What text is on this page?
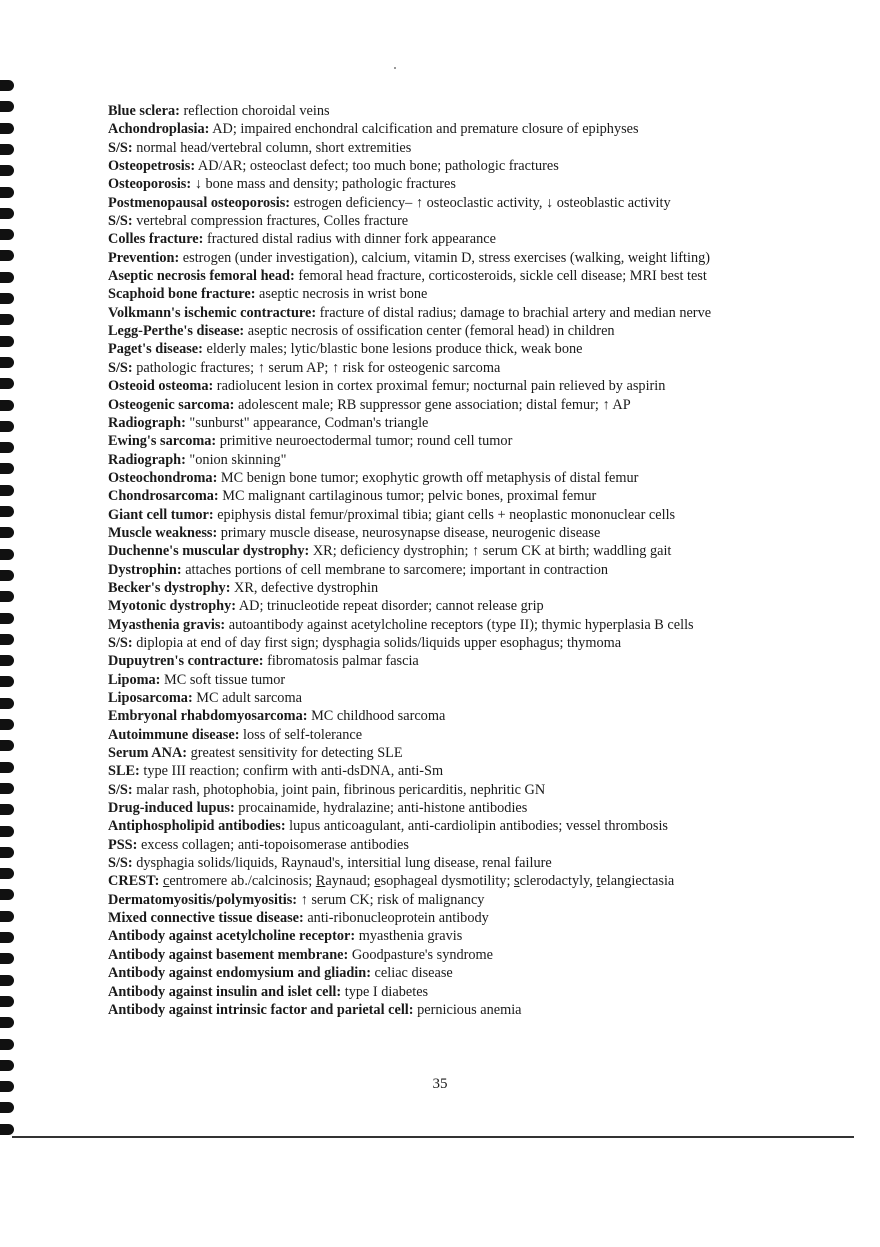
Blue sclera: reflection choroidal veins
Achondroplasia: AD; impaired enchondral calcification and premature closure of epiphyses
S/S: normal head/vertebral column, short extremities
Osteopetrosis: AD/AR; osteoclast defect; too much bone; pathologic fractures
Osteoporosis: ↓ bone mass and density; pathologic fractures
Postmenopausal osteoporosis: estrogen deficiency– ↑ osteoclastic activity, ↓ osteoblastic activity
S/S: vertebral compression fractures, Colles fracture
Colles fracture: fractured distal radius with dinner fork appearance
Prevention: estrogen (under investigation), calcium, vitamin D, stress exercises (walking, weight lifting)
Aseptic necrosis femoral head: femoral head fracture, corticosteroids, sickle cell disease; MRI best test
Scaphoid bone fracture: aseptic necrosis in wrist bone
Volkmann's ischemic contracture: fracture of distal radius; damage to brachial artery and median nerve
Legg-Perthe's disease: aseptic necrosis of ossification center (femoral head) in children
Paget's disease: elderly males; lytic/blastic bone lesions produce thick, weak bone
S/S: pathologic fractures; ↑ serum AP; ↑ risk for osteogenic sarcoma
Osteoid osteoma: radiolucent lesion in cortex proximal femur; nocturnal pain relieved by aspirin
Osteogenic sarcoma: adolescent male; RB suppressor gene association; distal femur; ↑ AP
Radiograph: "sunburst" appearance, Codman's triangle
Ewing's sarcoma: primitive neuroectodermal tumor; round cell tumor
Radiograph: "onion skinning"
Osteochondroma: MC benign bone tumor; exophytic growth off metaphysis of distal femur
Chondrosarcoma: MC malignant cartilaginous tumor; pelvic bones, proximal femur
Giant cell tumor: epiphysis distal femur/proximal tibia; giant cells + neoplastic mononuclear cells
Muscle weakness: primary muscle disease, neurosynapse disease, neurogenic disease
Duchenne's muscular dystrophy: XR; deficiency dystrophin; ↑ serum CK at birth; waddling gait
Dystrophin: attaches portions of cell membrane to sarcomere; important in contraction
Becker's dystrophy: XR, defective dystrophin
Myotonic dystrophy: AD; trinucleotide repeat disorder; cannot release grip
Myasthenia gravis: autoantibody against acetylcholine receptors (type II); thymic hyperplasia B cells
S/S: diplopia at end of day first sign; dysphagia solids/liquids upper esophagus; thymoma
Dupuytren's contracture: fibromatosis palmar fascia
Lipoma: MC soft tissue tumor
Liposarcoma: MC adult sarcoma
Embryonal rhabdomyosarcoma: MC childhood sarcoma
Autoimmune disease: loss of self-tolerance
Serum ANA: greatest sensitivity for detecting SLE
SLE: type III reaction; confirm with anti-dsDNA, anti-Sm
S/S: malar rash, photophobia, joint pain, fibrinous pericarditis, nephritic GN
Drug-induced lupus: procainamide, hydralazine; anti-histone antibodies
Antiphospholipid antibodies: lupus anticoagulant, anti-cardiolipin antibodies; vessel thrombosis
PSS: excess collagen; anti-topoisomerase antibodies
S/S: dysphagia solids/liquids, Raynaud's, intersitial lung disease, renal failure
CREST: centromere ab./calcinosis; Raynaud; esophageal dysmotility; sclerodactyly, telangiectasia
Dermatomyositis/polymyositis: ↑ serum CK; risk of malignancy
Mixed connective tissue disease: anti-ribonucleoprotein antibody
Antibody against acetylcholine receptor: myasthenia gravis
Antibody against basement membrane: Goodpasture's syndrome
Antibody against endomysium and gliadin: celiac disease
Antibody against insulin and islet cell: type I diabetes
Antibody against intrinsic factor and parietal cell: pernicious anemia
35
